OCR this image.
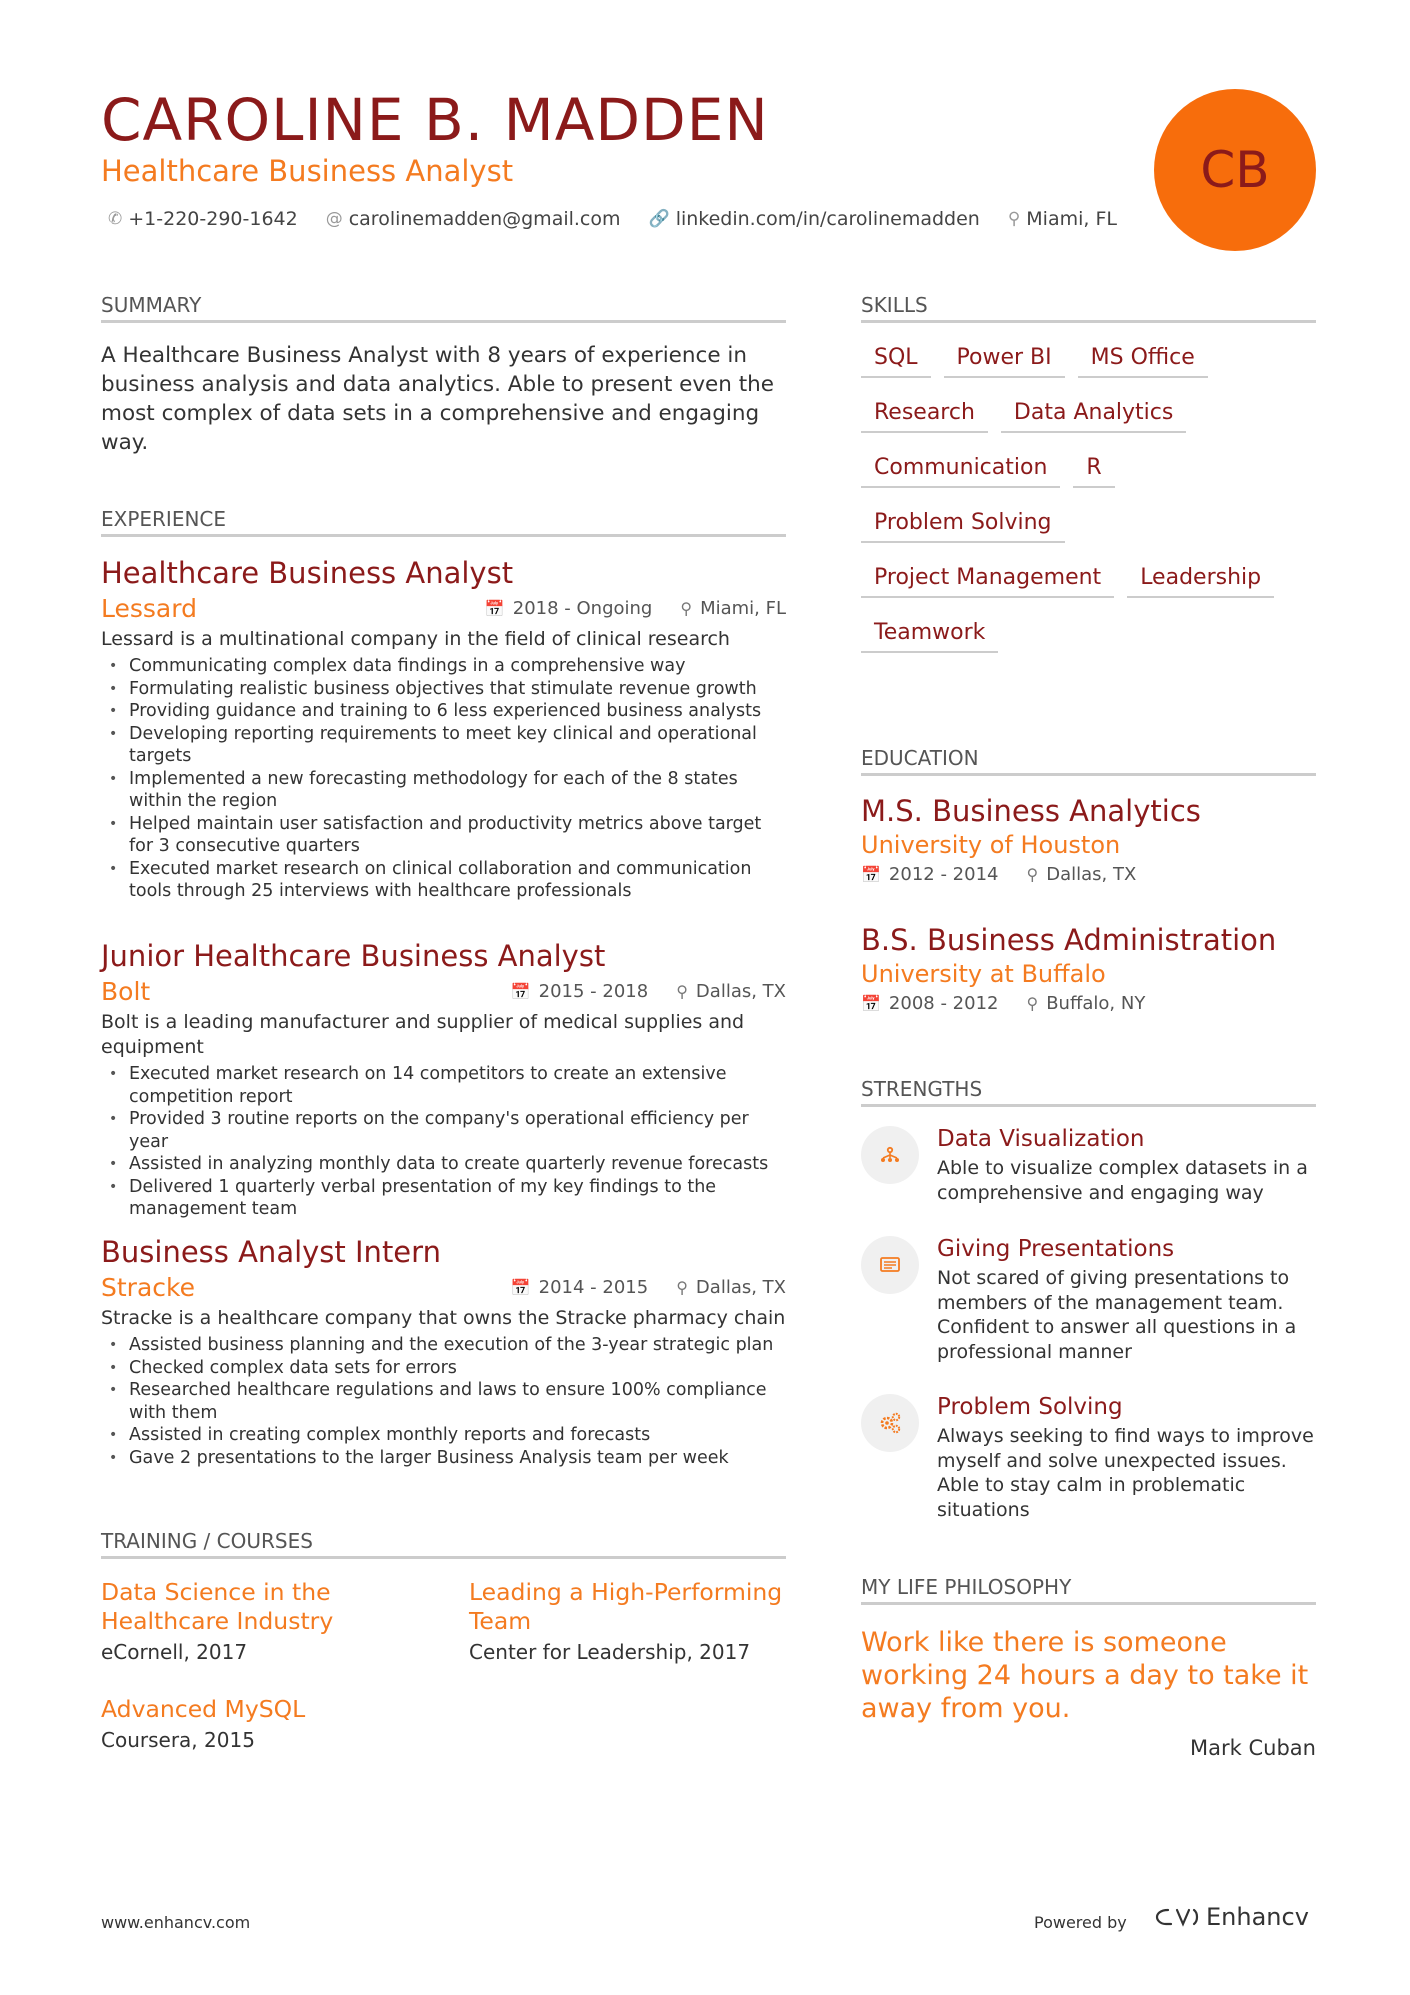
CAROLINE B. MADDEN
Healthcare Business Analyst
✆ +1-220-290-1642 @ carolinemadden@gmail.com 🔗 linkedin.com/in/carolinemadden ⚲ Miami, FL
CB
SUMMARY
A Healthcare Business Analyst with 8 years of experience in business analysis and data analytics. Able to present even the most complex of data sets in a comprehensive and engaging way.
EXPERIENCE
Healthcare Business Analyst
Lessard	📅 2018 - Ongoing ⚲ Miami, FL
Lessard is a multinational company in the field of clinical research
• Communicating complex data findings in a comprehensive way
• Formulating realistic business objectives that stimulate revenue growth
• Providing guidance and training to 6 less experienced business analysts
• Developing reporting requirements to meet key clinical and operational targets
• Implemented a new forecasting methodology for each of the 8 states within the region
• Helped maintain user satisfaction and productivity metrics above target for 3 consecutive quarters
• Executed market research on clinical collaboration and communication tools through 25 interviews with healthcare professionals
Junior Healthcare Business Analyst
Bolt	📅 2015 - 2018 ⚲ Dallas, TX
Bolt is a leading manufacturer and supplier of medical supplies and equipment
• Executed market research on 14 competitors to create an extensive competition report
• Provided 3 routine reports on the company's operational efficiency per year
• Assisted in analyzing monthly data to create quarterly revenue forecasts
• Delivered 1 quarterly verbal presentation of my key findings to the management team
Business Analyst Intern
Stracke	📅 2014 - 2015 ⚲ Dallas, TX
Stracke is a healthcare company that owns the Stracke pharmacy chain
• Assisted business planning and the execution of the 3-year strategic plan
• Checked complex data sets for errors
• Researched healthcare regulations and laws to ensure 100% compliance with them
• Assisted in creating complex monthly reports and forecasts
• Gave 2 presentations to the larger Business Analysis team per week
TRAINING / COURSES
Data Science in the Healthcare Industry
eCornell, 2017
Leading a High-Performing Team
Center for Leadership, 2017
Advanced MySQL
Coursera, 2015
SKILLS
SQL	Power BI	MS Office
Research	Data Analytics
Communication	R
Problem Solving
Project Management	Leadership
Teamwork
EDUCATION
M.S. Business Analytics
University of Houston
📅 2012 - 2014 ⚲ Dallas, TX
B.S. Business Administration
University at Buffalo
📅 2008 - 2012 ⚲ Buffalo, NY
STRENGTHS
Data Visualization
Able to visualize complex datasets in a comprehensive and engaging way
Giving Presentations
Not scared of giving presentations to members of the management team. Confident to answer all questions in a professional manner
Problem Solving
Always seeking to find ways to improve myself and solve unexpected issues. Able to stay calm in problematic situations
MY LIFE PHILOSOPHY
Work like there is someone working 24 hours a day to take it away from you.
Mark Cuban
www.enhancv.com	Powered by	Enhancv
